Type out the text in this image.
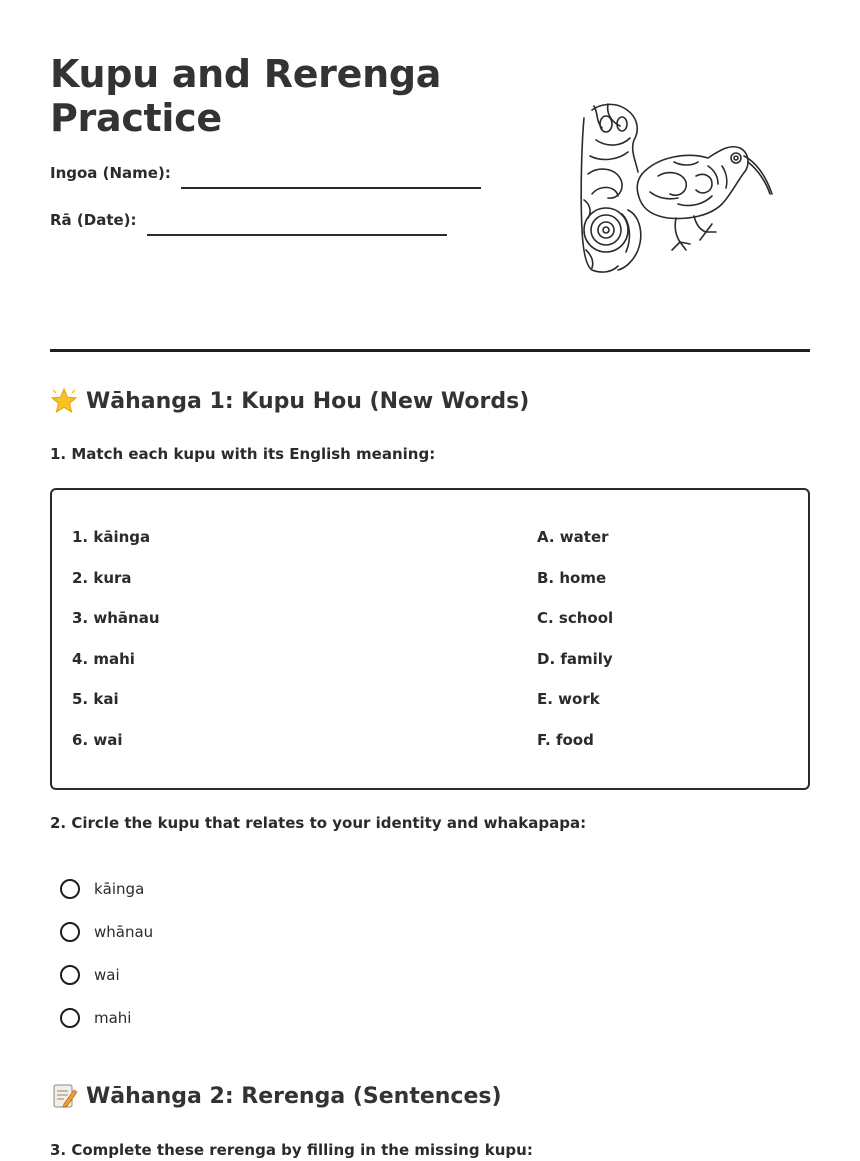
Kupu and Rerenga
Practice
Ingoa (Name):
Rā (Date):
Wāhanga 1: Kupu Hou (New Words)
1. Match each kupu with its English meaning:
1. kāinga
2. kura
3. whānau
4. mahi
5. kai
6. wai
A. water
B. home
C. school
D. family
E. work
F. food
2. Circle the kupu that relates to your identity and whakapapa:
kāinga
whānau
wai
mahi
Wāhanga 2: Rerenga (Sentences)
3. Complete these rerenga by filling in the missing kupu:
